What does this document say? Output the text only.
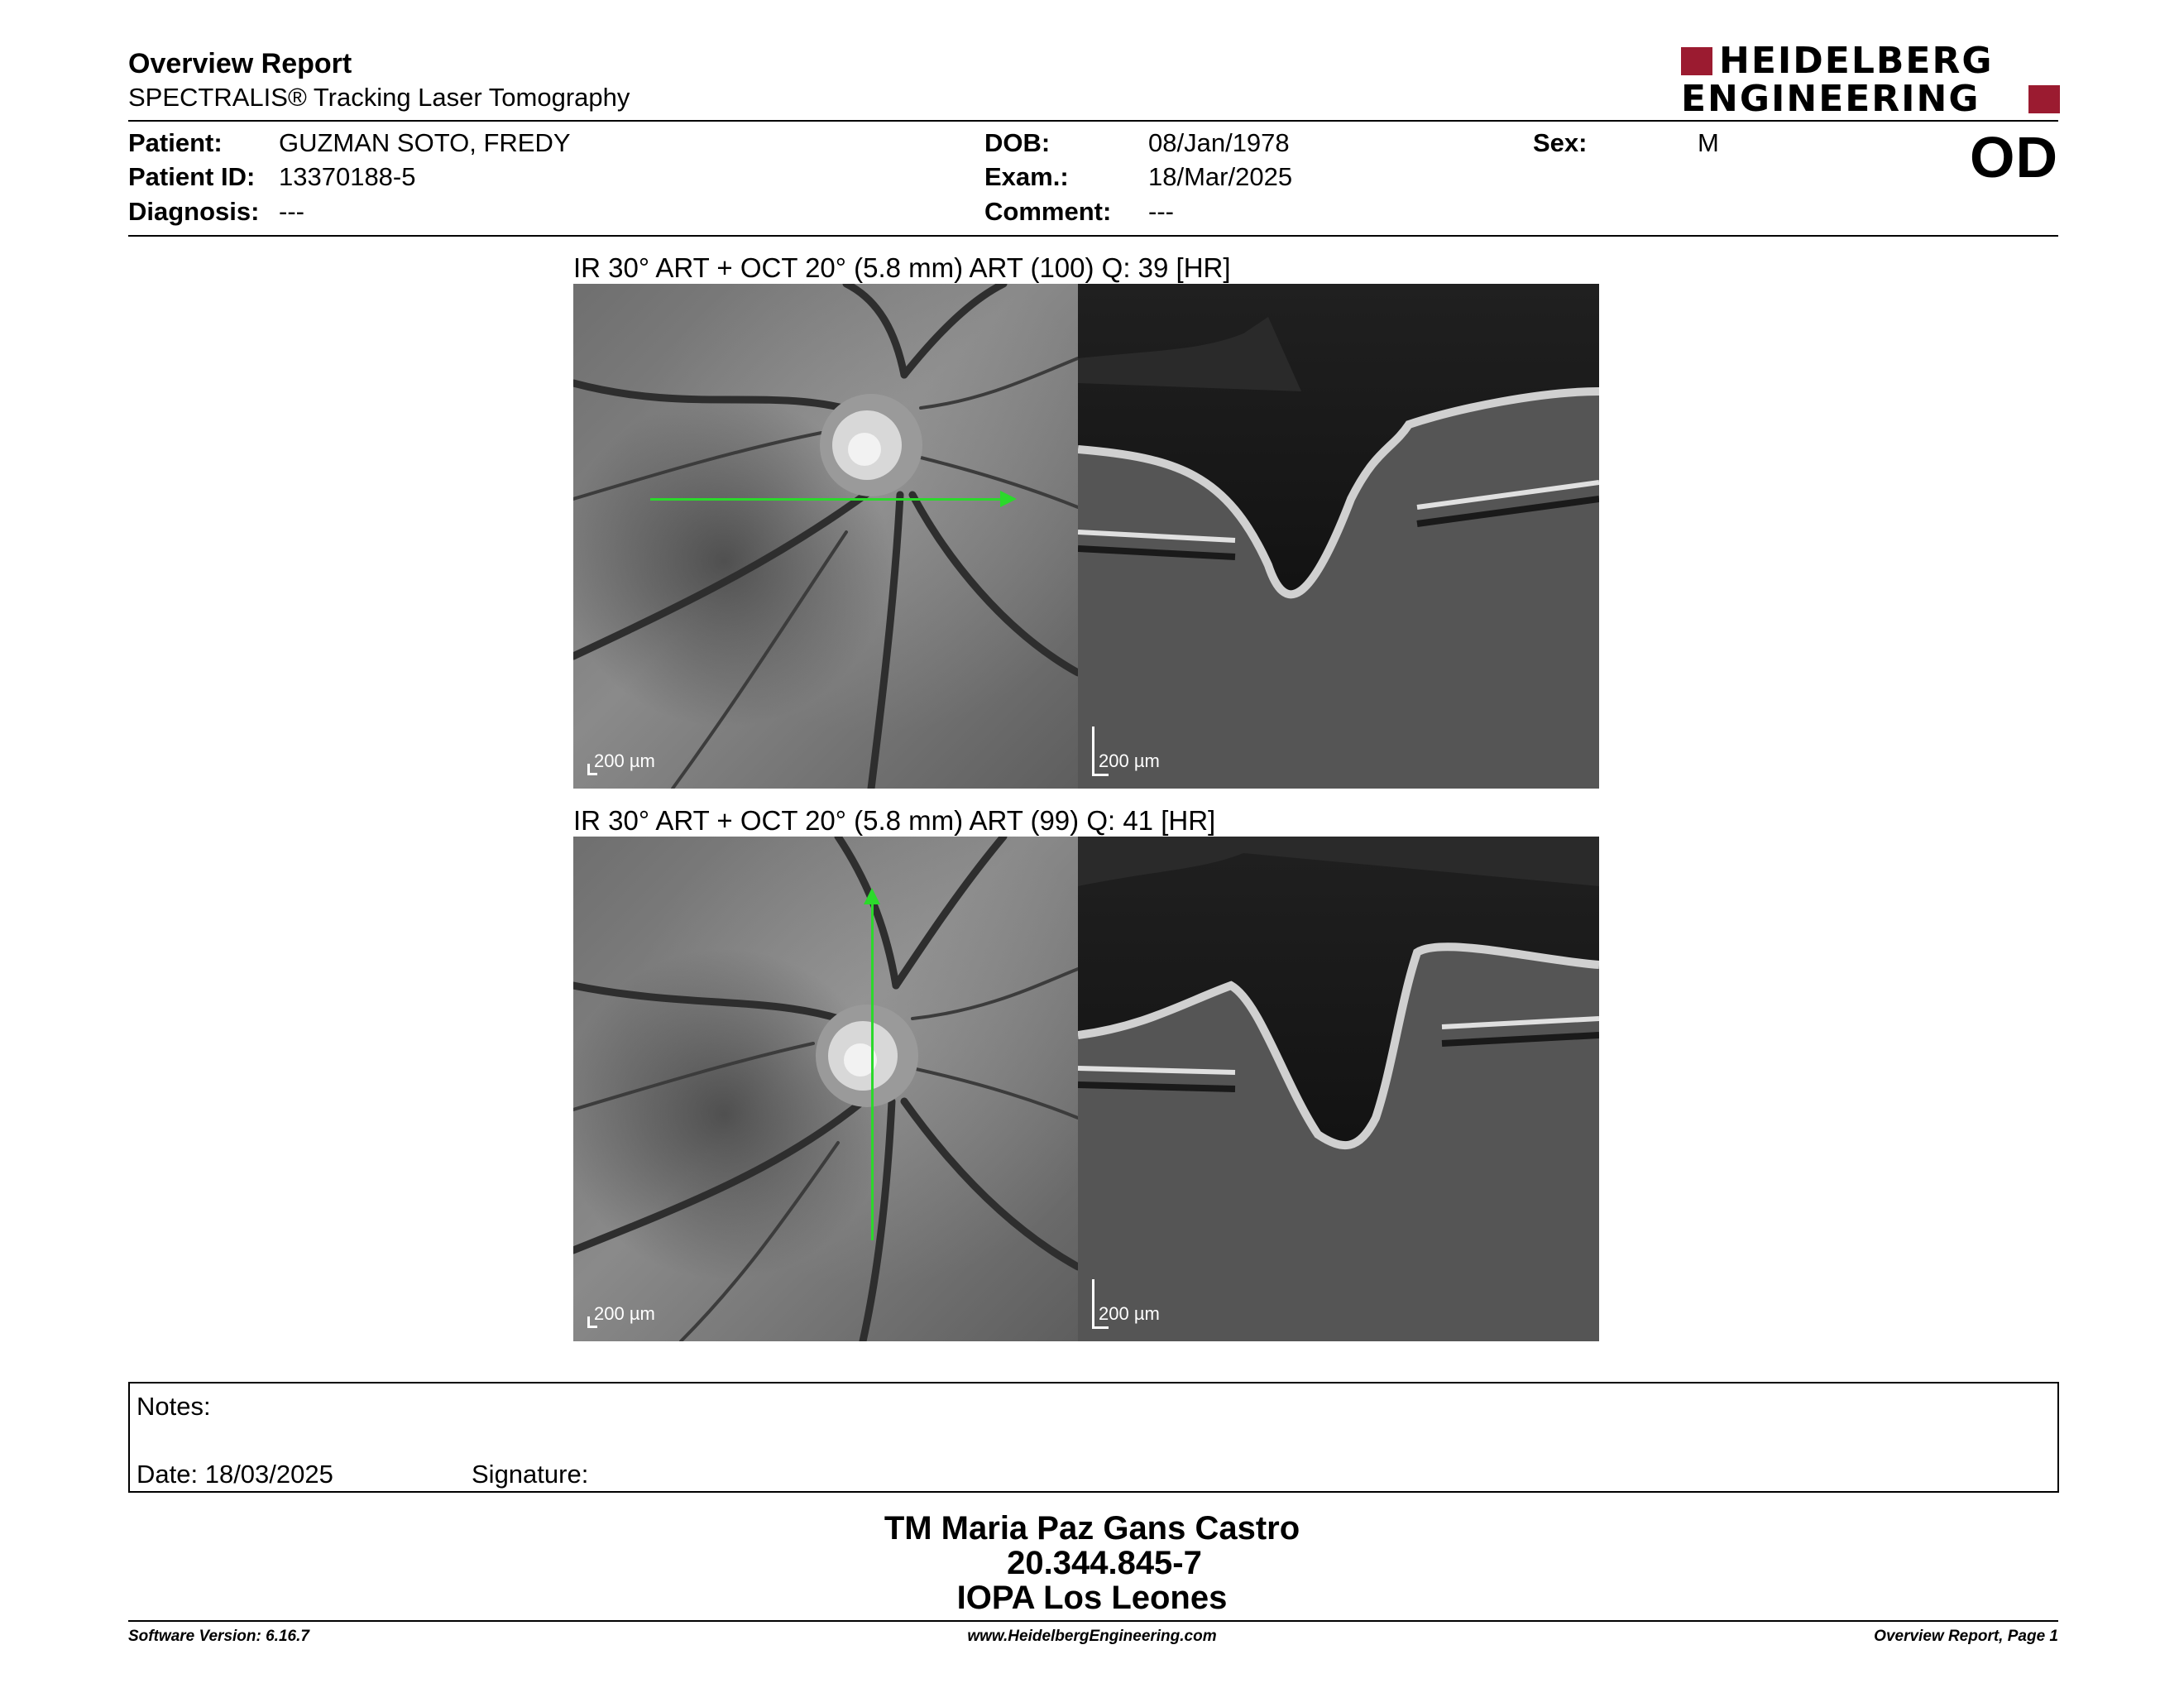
Overview Report
SPECTRALIS® Tracking Laser Tomography
HEIDELBERG
ENGINEERING
Patient: GUZMAN SOTO, FREDY
Patient ID: 13370188-5
Diagnosis: ---
DOB:	08/Jan/1978
Exam.:	18/Mar/2025
Comment: ---
Sex:	M	OD
IR 30° ART + OCT 20° (5.8 mm) ART (100) Q: 39 [HR]
200 µm	200 µm
IR 30° ART + OCT 20° (5.8 mm) ART (99) Q: 41 [HR]
200 µm	200 µm
Notes:
Date: 18/03/2025	Signature:
TM Maria Paz Gans Castro
20.344.845-7
IOPA Los Leones
Software Version: 6.16.7	www.HeidelbergEngineering.com	Overview Report, Page 1
